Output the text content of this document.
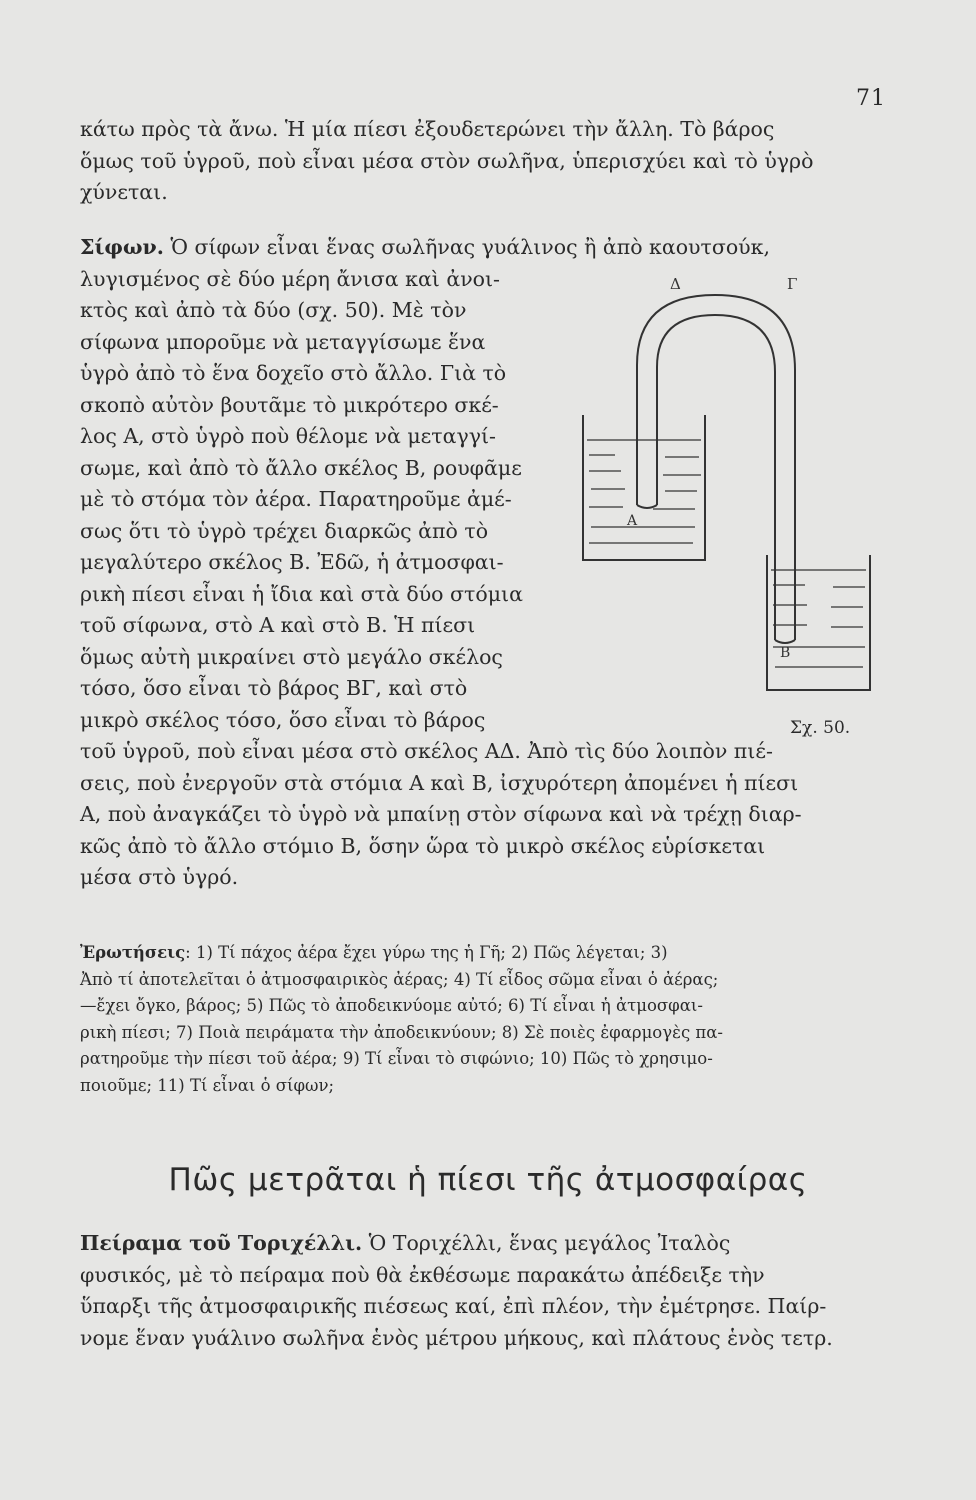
71
κάτω πρὸς τὰ ἄνω. Ἡ μία πίεσι ἐξουδετερώνει τὴν ἄλλη. Τὸ βάρος
ὅμως τοῦ ὑγροῦ, ποὺ εἶναι μέσα στὸν σωλῆνα, ὑπερισχύει καὶ τὸ ὑγρὸ
χύνεται.
Σίφων. Ὁ σίφων εἶναι ἕνας σωλῆνας γυάλινος ἢ ἀπὸ καουτσούκ,
λυγισμένος σὲ δύο μέρη ἄνισα καὶ ἀνοι-
κτὸς καὶ ἀπὸ τὰ δύο (σχ. 50). Μὲ τὸν
σίφωνα μποροῦμε νὰ μεταγγίσωμε ἕνα
ὑγρὸ ἀπὸ τὸ ἕνα δοχεῖο στὸ ἄλλο. Γιὰ τὸ
σκοπὸ αὐτὸν βουτᾶμε τὸ μικρότερο σκέ-
λος Α, στὸ ὑγρὸ ποὺ θέλομε νὰ μεταγγί-
σωμε, καὶ ἀπὸ τὸ ἄλλο σκέλος Β, ρουφᾶμε
μὲ τὸ στόμα τὸν ἀέρα. Παρατηροῦμε ἀμέ-
σως ὅτι τὸ ὑγρὸ τρέχει διαρκῶς ἀπὸ τὸ
μεγαλύτερο σκέλος Β. Ἐδῶ, ἡ ἀτμοσφαι-
ρικὴ πίεσι εἶναι ἡ ἴδια καὶ στὰ δύο στόμια
τοῦ σίφωνα, στὸ Α καὶ στὸ Β. Ἡ πίεσι
ὅμως αὐτὴ μικραίνει στὸ μεγάλο σκέλος
τόσο, ὅσο εἶναι τὸ βάρος ΒΓ, καὶ στὸ
μικρὸ σκέλος τόσο, ὅσο εἶναι τὸ βάρος
τοῦ ὑγροῦ, ποὺ εἶναι μέσα στὸ σκέλος ΑΔ. Ἀπὸ τὶς δύο λοιπὸν πιέ-
σεις, ποὺ ἐνεργοῦν στὰ στόμια Α καὶ Β, ἰσχυρότερη ἀπομένει ἡ πίεσι
Α, ποὺ ἀναγκάζει τὸ ὑγρὸ νὰ μπαίνῃ στὸν σίφωνα καὶ νὰ τρέχῃ διαρ-
κῶς ἀπὸ τὸ ἄλλο στόμιο Β, ὅσην ὥρα τὸ μικρὸ σκέλος εὑρίσκεται
μέσα στὸ ὑγρό.
Δ	Γ
Α
Β
Σχ. 50.
Ἐρωτήσεις: 1) Τί πάχος ἀέρα ἔχει γύρω της ἡ Γῆ; 2) Πῶς λέγεται; 3)
Ἀπὸ τί ἀποτελεῖται ὁ ἀτμοσφαιρικὸς ἀέρας; 4) Τί εἶδος σῶμα εἶναι ὁ ἀέρας;
—ἔχει ὄγκο, βάρος; 5) Πῶς τὸ ἀποδεικνύομε αὐτό; 6) Τί εἶναι ἡ ἀτμοσφαι-
ρικὴ πίεσι; 7) Ποιὰ πειράματα τὴν ἀποδεικνύουν; 8) Σὲ ποιὲς ἐφαρμογὲς πα-
ρατηροῦμε τὴν πίεσι τοῦ ἀέρα; 9) Τί εἶναι τὸ σιφώνιο; 10) Πῶς τὸ χρησιμο-
ποιοῦμε; 11) Τί εἶναι ὁ σίφων;
Πῶς μετρᾶται ἡ πίεσι τῆς ἀτμοσφαίρας
Πείραμα τοῦ Τοριχέλλι. Ὁ Τοριχέλλι, ἕνας μεγάλος Ἰταλὸς
φυσικός, μὲ τὸ πείραμα ποὺ θὰ ἐκθέσωμε παρακάτω ἀπέδειξε τὴν
ὕπαρξι τῆς ἀτμοσφαιρικῆς πιέσεως καί, ἐπὶ πλέον, τὴν ἐμέτρησε. Παίρ-
νομε ἕναν γυάλινο σωλῆνα ἑνὸς μέτρου μήκους, καὶ πλάτους ἑνὸς τετρ.
